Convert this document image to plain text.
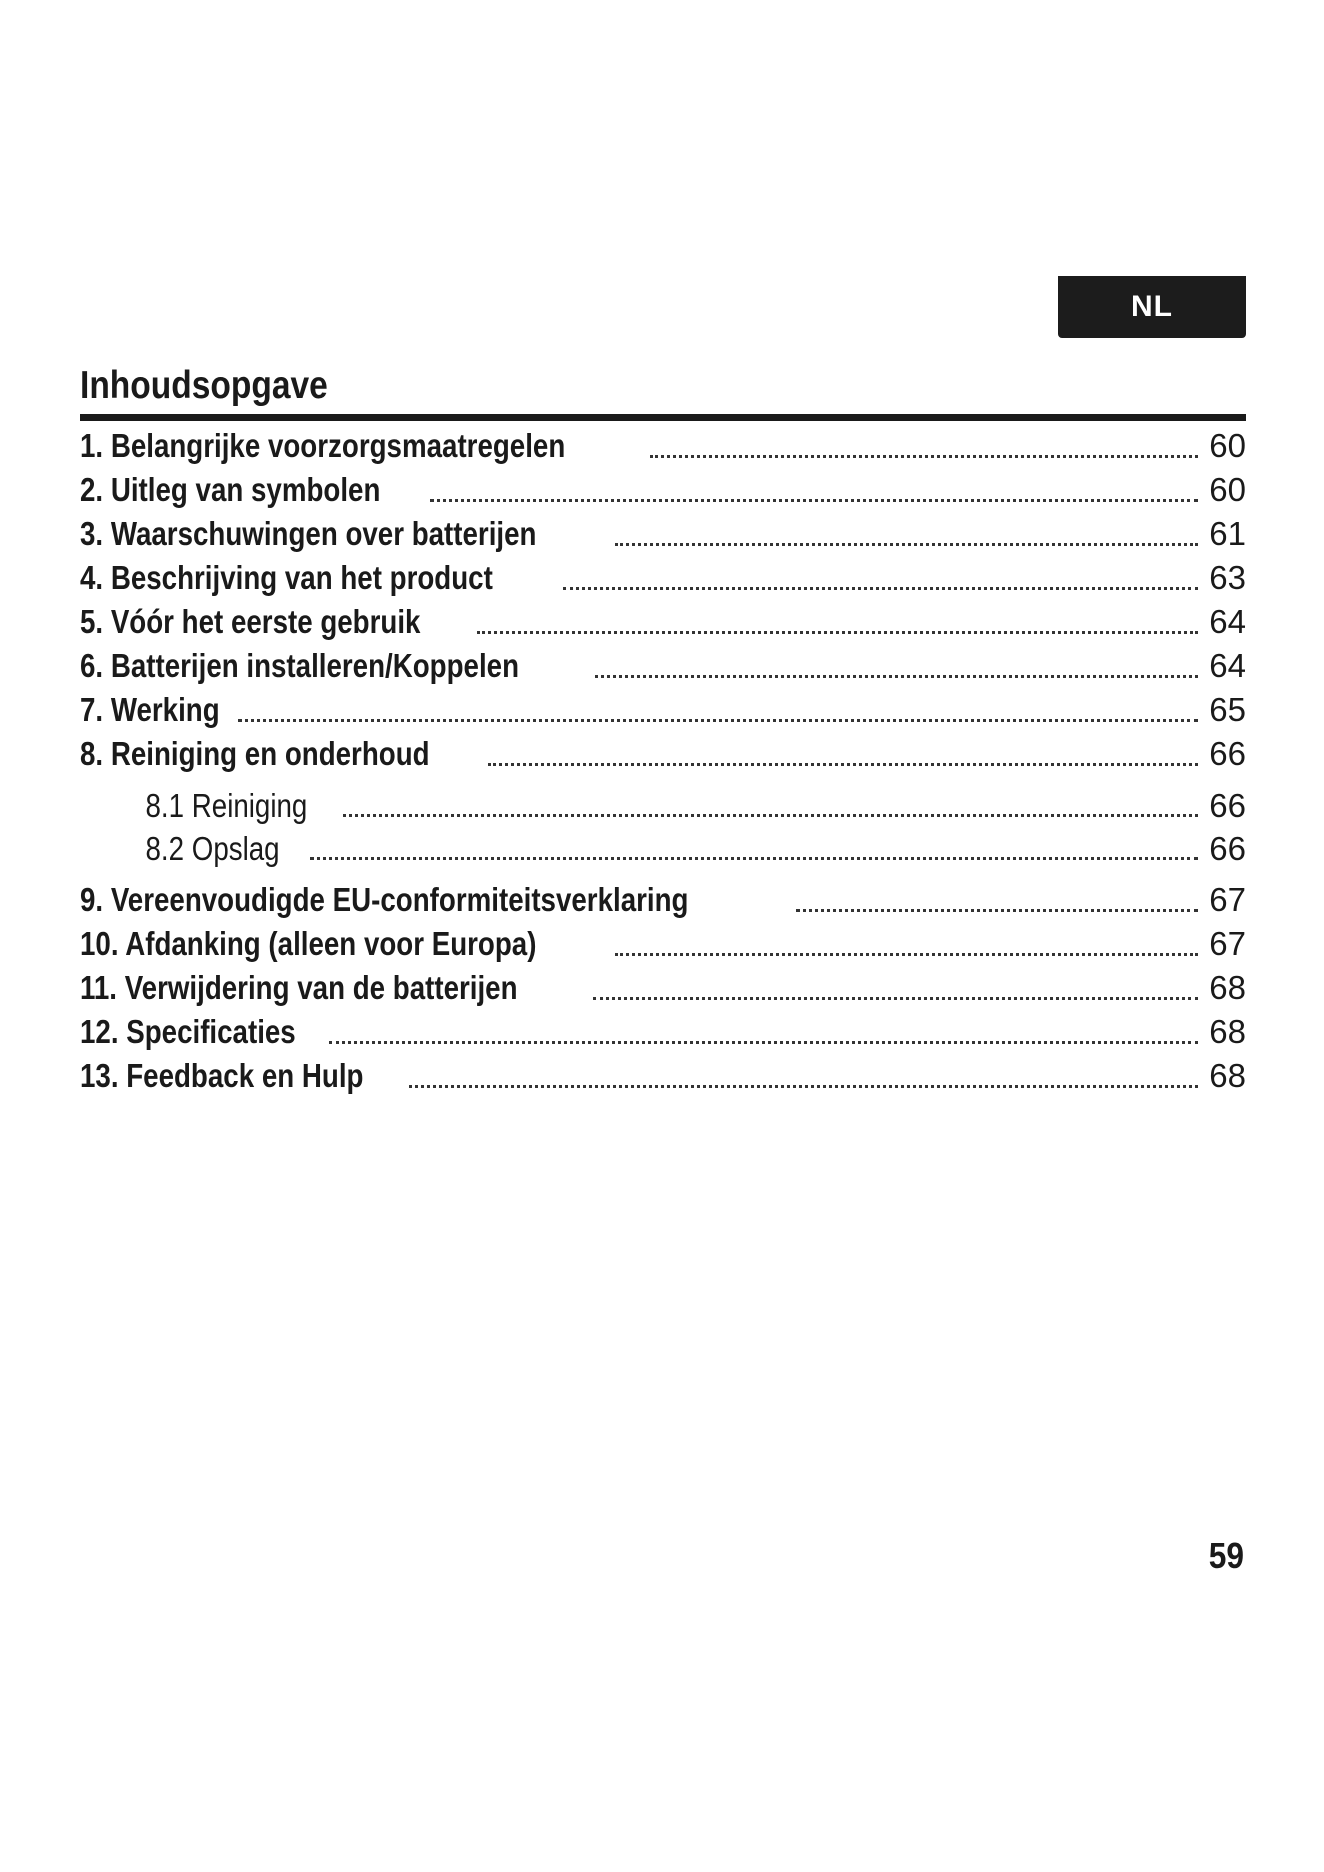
NL
Inhoudsopgave
1. Belangrijke voorzorgsmaatregelen	60
2. Uitleg van symbolen	60
3. Waarschuwingen over batterijen	61
4. Beschrijving van het product	63
5. Vóór het eerste gebruik	64
6. Batterijen installeren/Koppelen	64
7. Werking	65
8. Reiniging en onderhoud	66
8.1 Reiniging	66
8.2 Opslag	66
9. Vereenvoudigde EU-conformiteitsverklaring	67
10. Afdanking (alleen voor Europa)	67
11. Verwijdering van de batterijen	68
12. Specificaties	68
13. Feedback en Hulp	68
59
